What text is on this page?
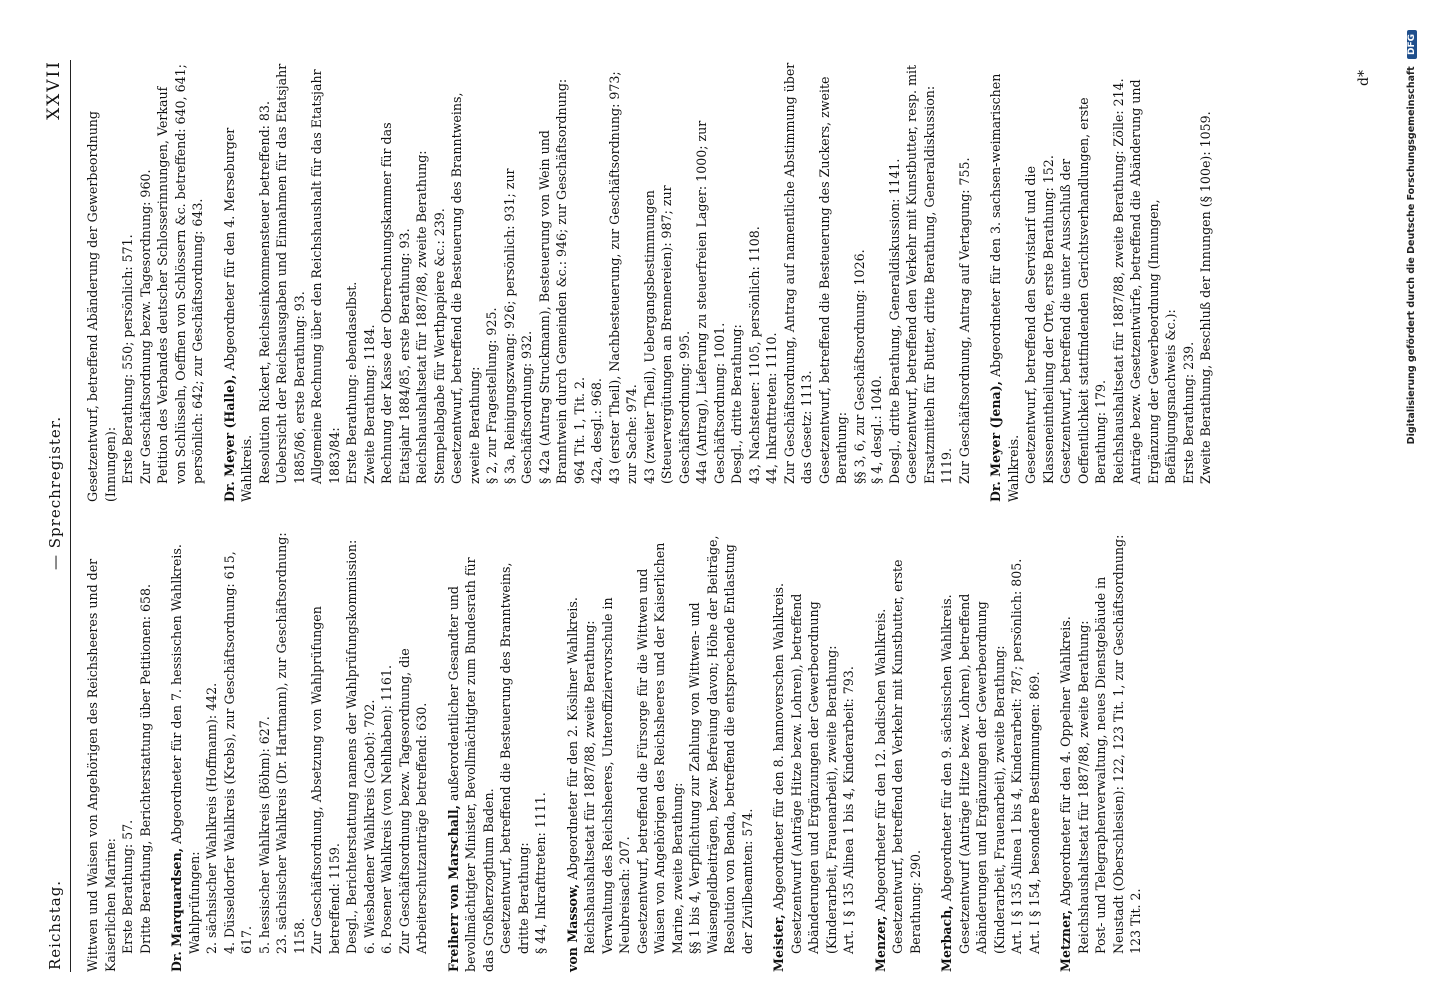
Reichstag.
— Sprechregister.
XXVII

Wittwen und Waisen von Angehörigen des Reichsheeres und der Kaiserlichen Marine: Erste Berathung: 57. Dritte Berathung, Berichterstattung über Petitionen: 658. Dr. Marquardsen, Abgeordneter für den 7. hessischen Wahlkreis.

Wahlprüfungen: 2. sächsischer Wahlkreis (Hoffmann): 442. 4. Düsseldorfer Wahlkreis (Krebs), zur Geschäftsordnung: 615, 617. 5. hessischer Wahlkreis (Böhm): 627. 23. sächsischer Wahlkreis (Dr. Hartmann), zur Geschäftsordnung: 1158. Zur Geschäftsordnung, Absetzung von Wahlprüfungen betreffend: 1159. Desgl., Berichterstattung namens der Wahlprüfungskommission: 6. Wiesbadener Wahlkreis (Cabot): 702. 6. Posener Wahlkreis (von Nehlhaben): 1161. Zur Geschäftsordnung bezw. Tagesordnung, die Arbeiterschutzanträge betreffend: 630. Freiherr von Marschall, außerordentlicher Gesandter und bevollmächtigter Minister, Bevollmächtigter zum Bundesrath für das Großherzogthum Baden. Gesetzentwurf, betreffend die Besteuerung des Branntweins, dritte Berathung: § 44, Inkrafttreten: 1111. von Massow, Abgeordneter für den 2. Kösliner Wahlkreis. Reichshaushaltsetat für 1887/88, zweite Berathung: Verwaltung des Reichsheeres, Unteroffiziervorschule in Neubreisach: 207. Gesetzentwurf, betreffend die Fürsorge für die Wittwen und Waisen von Angehörigen des Reichsheeres und der Kaiserlichen Marine, zweite Berathung: §§ 1 bis 4, Verpflichtung zur Zahlung von Wittwen- und Waisengeldbeiträgen, bezw. Befreiung davon; Höhe der Beiträge, Resolution von Benda, betreffend die entsprechende Entlastung der Zivilbeamten: 574. Meister, Abgeordneter für den 8. hannoverschen Wahlkreis. Gesetzentwurf (Anträge Hitze bezw. Lohren), betreffend Abänderungen und Ergänzungen der Gewerbeordnung (Kinderarbeit, Frauenarbeit), zweite Berathung: Art. I § 135 Alinea 1 bis 4, Kinderarbeit: 793. Menzer, Abgeordneter für den 12. badischen Wahlkreis. Gesetzentwurf, betreffend den Verkehr mit Kunstbutter, erste Berathung: 290. Merbach, Abgeordneter für den 9. sächsischen Wahlkreis. Gesetzentwurf (Anträge Hitze bezw. Lohren), betreffend Abänderungen und Ergänzungen der Gewerbeordnung (Kinderarbeit, Frauenarbeit), zweite Berathung: Art. I § 135 Alinea 1 bis 4, Kinderarbeit: 787; persönlich: 805. Art. I § 154, besondere Bestimmungen: 869. Metzner, Abgeordneter für den 4. Oppelner Wahlkreis. Reichshaushaltsetat für 1887/88, zweite Berathung: Post- und Telegraphenverwaltung, neues Dienstgebäude in Neustadt (Oberschlesien): 122, 123 Tit. 1, zur Geschäftsordnung: 123 Tit. 2.

Gesetzentwurf, betreffend Abänderung der Gewerbeordnung (Innungen): Erste Berathung: 550; persönlich: 571. Zur Geschäftsordnung bezw. Tagesordnung: 960. Petition des Verbandes deutscher Schlosserinnungen, Verkauf von Schlüsseln, Oeffnen von Schlössern &c. betreffend: 640, 641; persönlich: 642; zur Geschäftsordnung: 643. Dr. Meyer (Halle), Abgeordneter für den 4. Merseburger Wahlkreis. Resolution Rickert, Reichseinkommensteuer betreffend: 83. Uebersicht der Reichsausgaben und Einnahmen für das Etatsjahr 1885/86, erste Berathung: 93. Allgemeine Rechnung über den Reichshaushalt für das Etatsjahr 1883/84: Erste Berathung: ebendaselbst. Zweite Berathung: 1184. Rechnung der Kasse der Oberrechnungskammer für das Etatsjahr 1884/85, erste Berathung: 93. Reichshaushaltsetat für 1887/88, zweite Berathung: Stempelabgabe für Werthpapiere &c.: 239. Gesetzentwurf, betreffend die Besteuerung des Branntweins, zweite Berathung: § 2, zur Fragestellung: 925. § 3a, Reinigungszwang: 926; persönlich: 931; zur Geschäftsordnung: 932. § 42a (Antrag Struckmann), Besteuerung von Wein und Branntwein durch Gemeinden &c.: 946; zur Geschäftsordnung: 964 Tit. 1, Tit. 2. 42a, desgl.: 968. 43 (erster Theil), Nachbesteuerung, zur Geschäftsordnung: 973; zur Sache: 974. 43 (zweiter Theil), Uebergangsbestimmungen (Steuervergütungen an Brennereien): 987; zur Geschäftsordnung: 995. 44a (Antrag), Lieferung zu steuerfreien Lager: 1000; zur Geschäftsordnung: 1001. Desgl., dritte Berathung: 43, Nachsteuer: 1105, persönlich: 1108. 44, Inkrafttreten: 1110. Zur Geschäftsordnung, Antrag auf namentliche Abstimmung über das Gesetz: 1113. Gesetzentwurf, betreffend die Besteuerung des Zuckers, zweite Berathung: §§ 3, 6, zur Geschäftsordnung: 1026. § 4, desgl.: 1040. Desgl., dritte Berathung, Generaldiskussion: 1141. Gesetzentwurf, betreffend den Verkehr mit Kunstbutter, resp. mit Ersatzmitteln für Butter, dritte Berathung, Generaldiskussion: 1119. Zur Geschäftsordnung, Antrag auf Vertagung: 755. Dr. Meyer (Jena), Abgeordneter für den 3. sachsen-weimarischen Wahlkreis. Gesetzentwurf, betreffend den Servistarif und die Klasseneintheilung der Orte, erste Berathung: 152. Gesetzentwurf, betreffend die unter Ausschluß der Oeffentlichkeit stattfindenden Gerichtsverhandlungen, erste Berathung: 179. Reichshaushaltsetat für 1887/88, zweite Berathung: Zölle: 214. Anträge bezw. Gesetzentwürfe, betreffend die Abänderung und Ergänzung der Gewerbeordnung (Innungen, Befähigungsnachweis &c.): Erste Berathung: 239. Zweite Berathung, Beschluß der Innungen (§ 100e): 1059.

d*	Digitalisierung gefördert durch die Deutsche Forschungsgemeinschaft DFG
